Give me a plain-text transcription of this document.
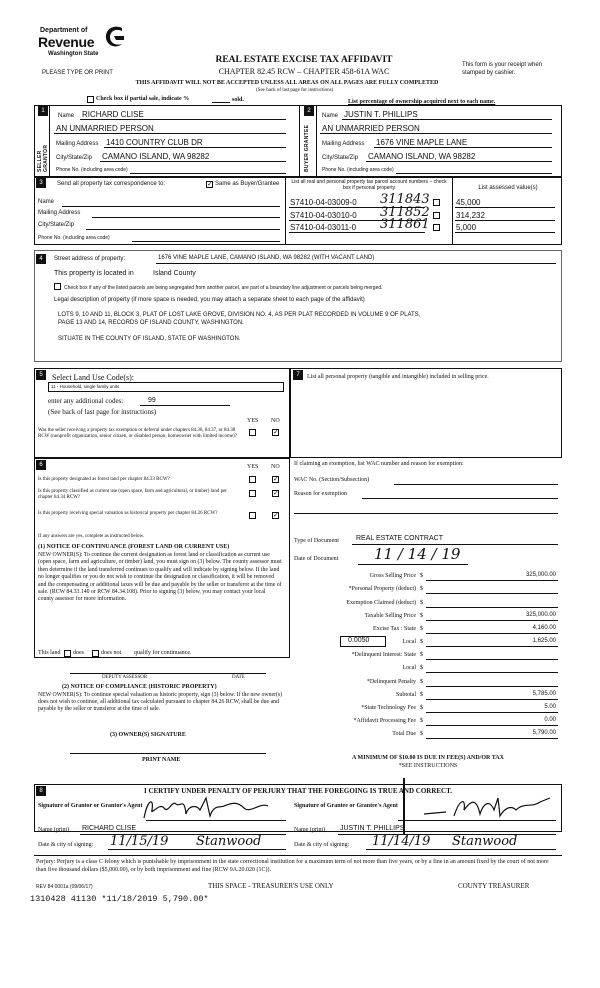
Department of
Revenue
Washington State
PLEASE TYPE OR PRINT
REAL ESTATE EXCISE TAX AFFIDAVIT
CHAPTER 82.45 RCW – CHAPTER 458-61A WAC
THIS AFFIDAVIT WILL NOT BE ACCEPTED UNLESS ALL AREAS ON ALL PAGES ARE FULLY COMPLETED
(See back of last page for instructions)
This form is your receipt when stamped by cashier.
Check box if partial sale, indicate %	sold.	List percentage of ownership acquired next to each name.
1
SELLER GRANTOR
Name RICHARD CLISE
AN UNMARRIED PERSON
Mailing Address 1410 COUNTRY CLUB DR
City/State/Zip CAMANO ISLAND, WA 98282
Phone No. (including area code)
2
BUYER GRANTEE
Name JUSTIN T. PHILLIPS
AN UNMARRIED PERSON
Mailing Address 1676 VINE MAPLE LANE
City/State/Zip CAMANO ISLAND, WA 98282
Phone No. (including area code)
3	Send all property tax correspondence to:	✓ Same as Buyer/Grantee
Name
Mailing Address
City/State/Zip
Phone No. (including area code)
List all real and personal property tax parcel account numbers – check box if personal property	List assessed value(s)
S7410-04-03009-0 311843	45,000
S7410-04-03010-0 311852	314,232
S7410-04-03011-0 311861	5,000
4	Street address of property:	1676 VINE MAPLE LANE, CAMANO ISLAND, WA 98282 (WITH VACANT LAND)
This property is located in	Island County
Check box if any of the listed parcels are being segregated from another parcel, are part of a boundary line adjustment or parcels being merged.
Legal description of property (if more space is needed, you may attach a separate sheet to each page of the affidavit)
LOTS 9, 10 AND 11, BLOCK 3, PLAT OF LOST LAKE GROVE, DIVISION NO. 4, AS PER PLAT RECORDED IN VOLUME 9 OF PLATS,
PAGE 13 AND 14, RECORDS OF ISLAND COUNTY, WASHINGTON.
SITUATE IN THE COUNTY OF ISLAND, STATE OF WASHINGTON.
5	Select Land Use Code(s):
11 - Household, single family units
enter any additional codes:	99
(See back of last page for instructions)
YES NO
Was the seller receiving a property tax exemption or deferral under chapters 84.36, 84.37, or 84.38 RCW (nonprofit organization, senior citizen, or disabled person, homeowner with limited income)?
✓
6	YES NO
Is this property designated as forest land per chapter 84.33 RCW?	✓
Is this property classified as current use (open space, farm and agricultural, or timber) land per chapter 84.34 RCW?
✓
Is this property receiving special valuation as historical property per chapter 84.26 RCW?	✓
If any answers are yes, complete as instructed below.
(1) NOTICE OF CONTINUANCE (FOREST LAND OR CURRENT USE)
NEW OWNER(S): To continue the current designation as forest land or classification as current use (open space, farm and agriculture, or timber) land, you must sign on (3) below. The county assessor must then determine if the land transferred continues to qualify and will indicate by signing below. If the land no longer qualifies or you do not wish to continue the designation or classification, it will be removed and the compensating or additional taxes will be due and payable by the seller or transferor at the time of sale. (RCW 84.33.140 or RCW 84.34.108). Prior to signing (3) below, you may contact your local county assessor for more information.
This land does	does not qualify for continuance.
DEPUTY ASSESSOR	DATE
(2) NOTICE OF COMPLIANCE (HISTORIC PROPERTY)
NEW OWNER(S): To continue special valuation as historic property, sign (3) below. If the new owner(s) does not wish to continue, all additional tax calculated pursuant to chapter 84.26 RCW, shall be due and payable by the seller or transferor at the time of sale.
(3) OWNER(S) SIGNATURE
PRINT NAME
7	List all personal property (tangible and intangible) included in selling price.
If claiming an exemption, list WAC number and reason for exemption:
WAC No. (Section/Subsection)
Reason for exemption
Type of Document REAL ESTATE CONTRACT
Date of Document 11 / 14 / 19
Gross Selling Price $	325,000.00
*Personal Property (deduct) $
Exemption Claimed (deduct) $
Taxable Selling Price $	325,000.00
Excise Tax : State $	4,160.00
0.0050	Local $	1,625.00
*Delinquent Interest: State $
Local $
*Delinquent Penalty $
Subtotal $	5,785.00
*State Technology Fee $	5.00
*Affidavit Processing Fee $	0.00
Total Due $	5,790.00
A MINIMUM OF $10.00 IS DUE IN FEE(S) AND/OR TAX
*SEE INSTRUCTIONS
8	I CERTIFY UNDER PENALTY OF PERJURY THAT THE FOREGOING IS TRUE AND CORRECT.
Signature of Grantor or Grantor's Agent
Name (print) RICHARD CLISE
Date & city of signing: 11/15/19 Stanwood
Signature of Grantee or Grantee's Agent
Name (print) JUSTIN T. PHILLIPS
Date & city of signing: 11/14/19 Stanwood
Perjury: Perjury is a class C felony which is punishable by imprisonment in the state correctional institution for a maximum term of not more than five years, or by a fine in an amount fixed by the court of not more than five thousand dollars ($5,000.00), or by both imprisonment and fine (RCW 9A.20.020 (1C)).
REV 84 0001a (09/06/17)	THIS SPACE - TREASURER'S USE ONLY	COUNTY TREASURER
1310428 41130 *11/18/2019 5,790.00*
